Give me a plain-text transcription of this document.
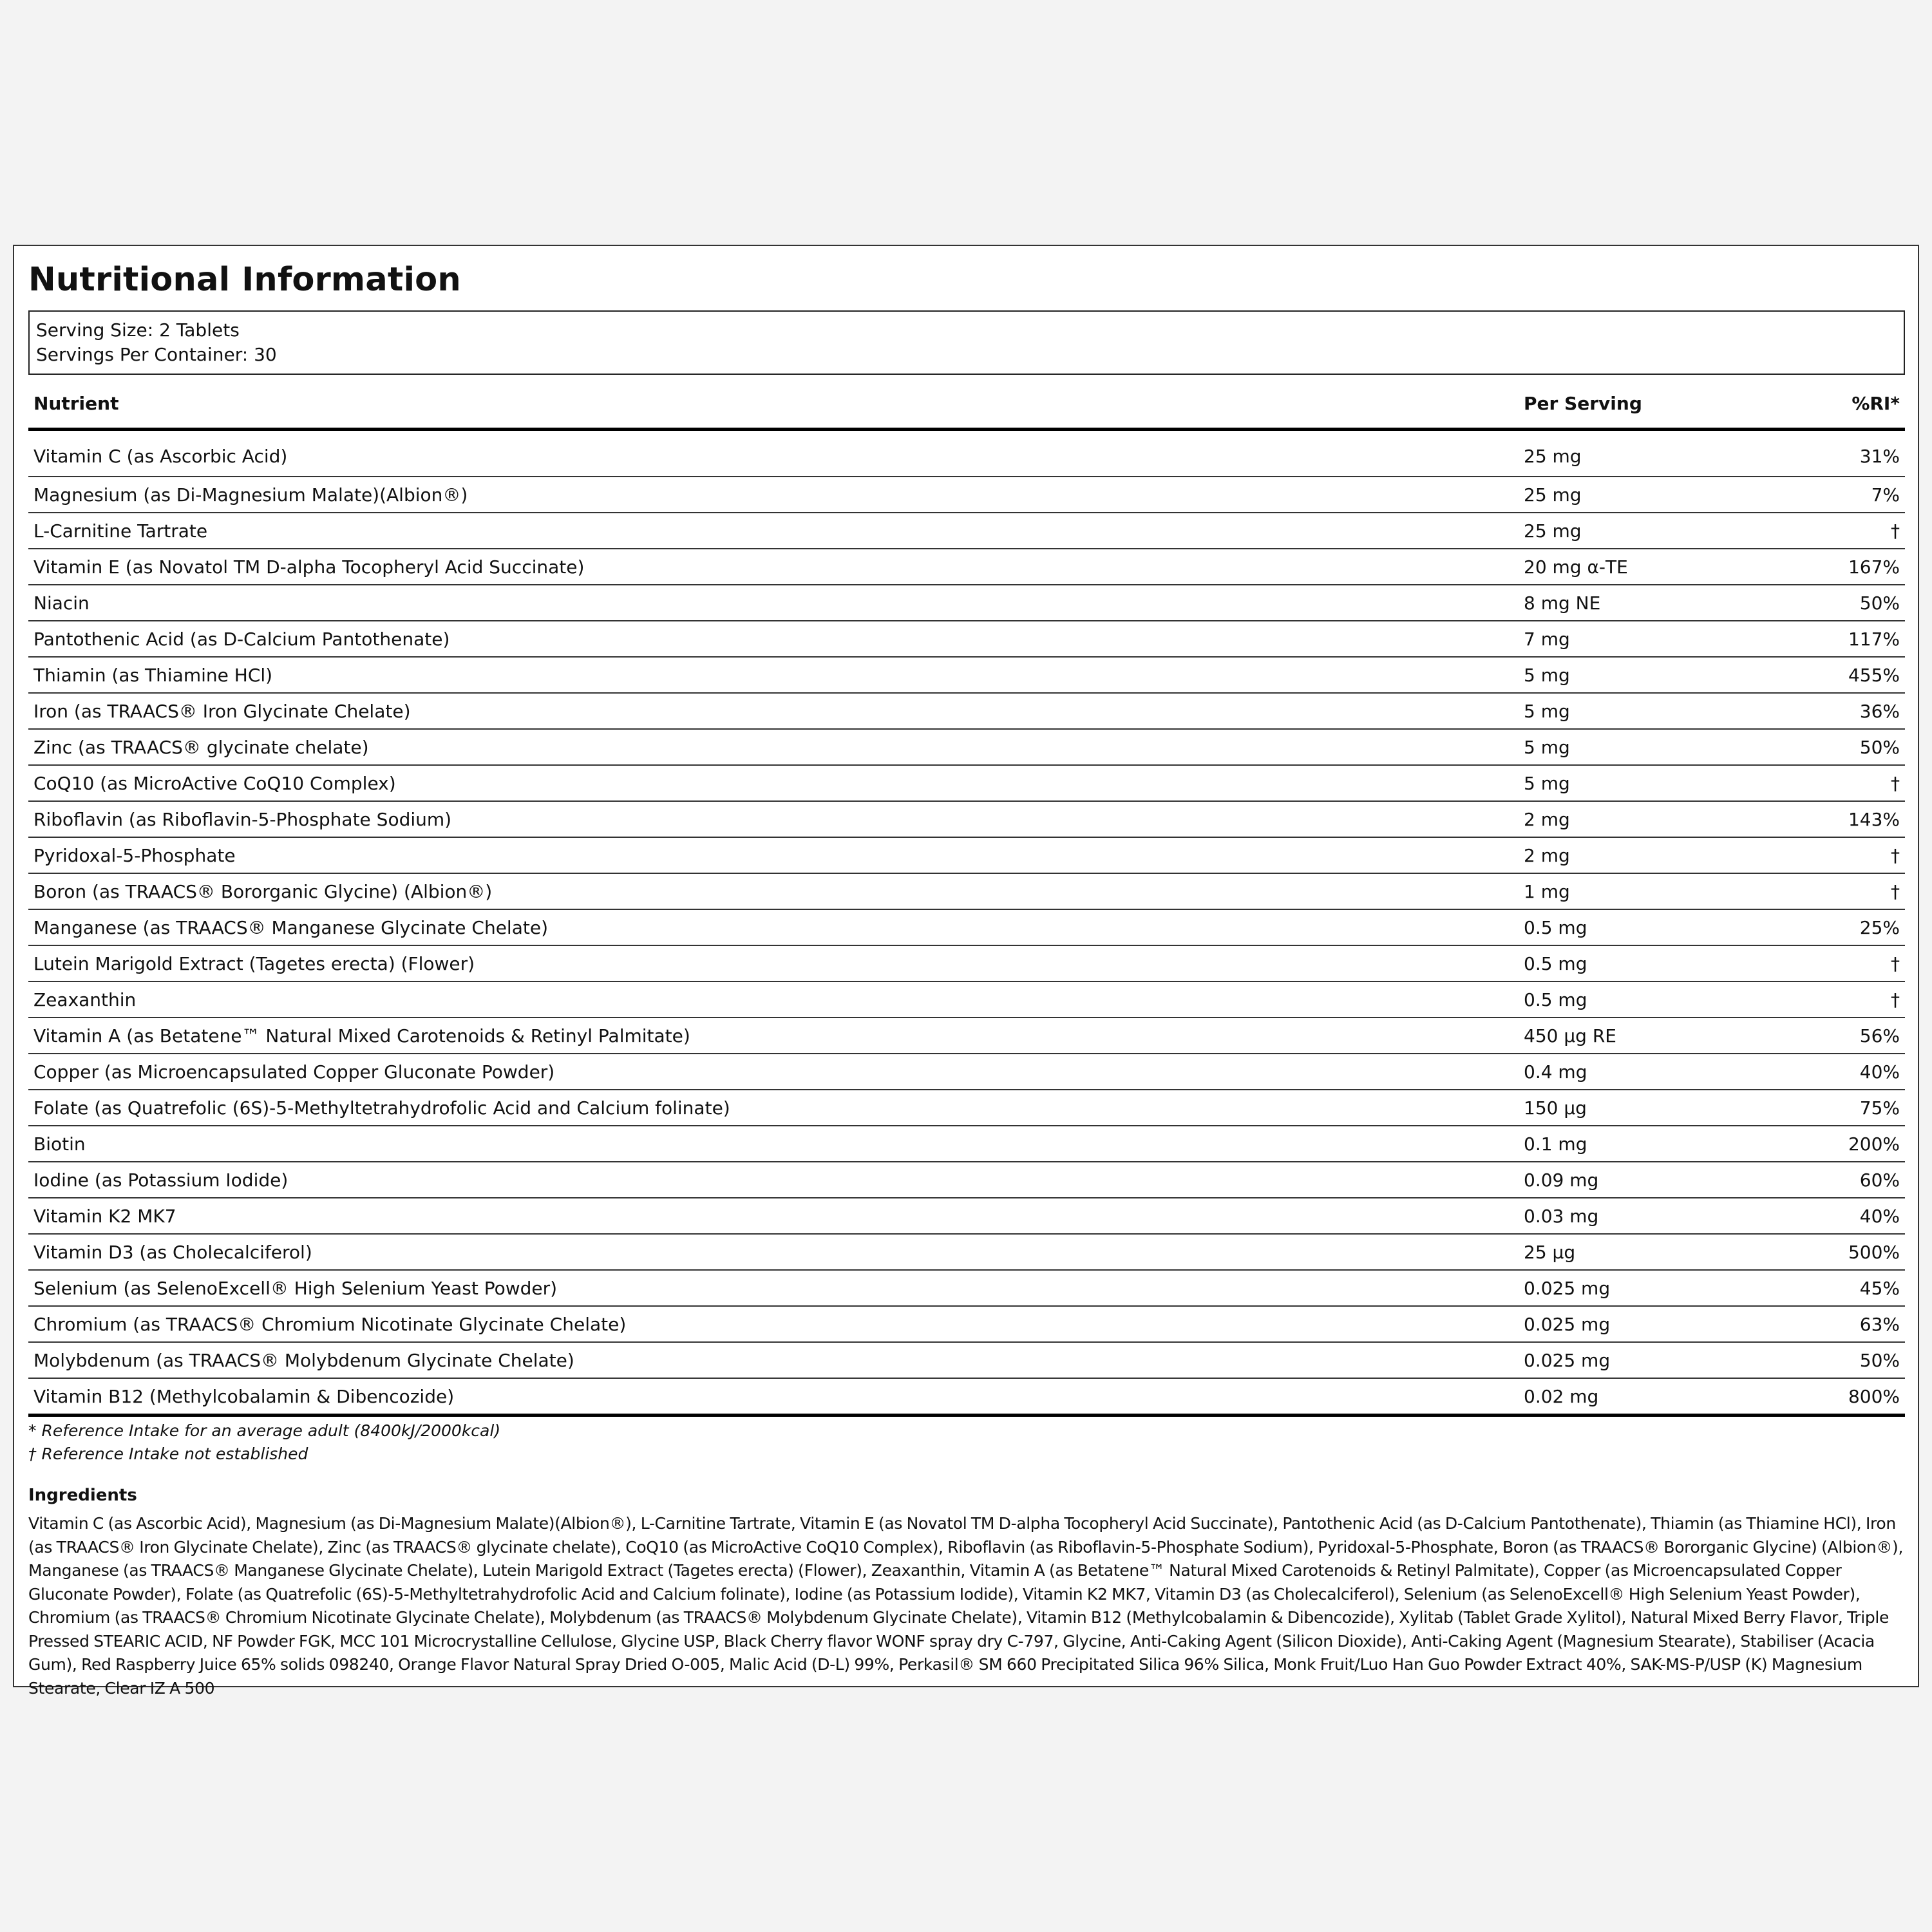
Nutritional Information
Serving Size: 2 Tablets
Servings Per Container: 30
Nutrient	Per Serving	%RI*
Vitamin C (as Ascorbic Acid)	25 mg	31%
Magnesium (as Di-Magnesium Malate)(Albion®)	25 mg	7%
L-Carnitine Tartrate	25 mg	†
Vitamin E (as Novatol TM D-alpha Tocopheryl Acid Succinate)	20 mg α-TE	167%
Niacin	8 mg NE	50%
Pantothenic Acid (as D-Calcium Pantothenate)	7 mg	117%
Thiamin (as Thiamine HCl)	5 mg	455%
Iron (as TRAACS® Iron Glycinate Chelate)	5 mg	36%
Zinc (as TRAACS® glycinate chelate)	5 mg	50%
CoQ10 (as MicroActive CoQ10 Complex)	5 mg	†
Riboflavin (as Riboflavin-5-Phosphate Sodium)	2 mg	143%
Pyridoxal-5-Phosphate	2 mg	†
Boron (as TRAACS® Bororganic Glycine) (Albion®)	1 mg	†
Manganese (as TRAACS® Manganese Glycinate Chelate)	0.5 mg	25%
Lutein Marigold Extract (Tagetes erecta) (Flower)	0.5 mg	†
Zeaxanthin	0.5 mg	†
Vitamin A (as Betatene™ Natural Mixed Carotenoids & Retinyl Palmitate)	450 μg RE	56%
Copper (as Microencapsulated Copper Gluconate Powder)	0.4 mg	40%
Folate (as Quatrefolic (6S)-5-Methyltetrahydrofolic Acid and Calcium folinate)	150 μg	75%
Biotin	0.1 mg	200%
Iodine (as Potassium Iodide)	0.09 mg	60%
Vitamin K2 MK7	0.03 mg	40%
Vitamin D3 (as Cholecalciferol)	25 μg	500%
Selenium (as SelenoExcell® High Selenium Yeast Powder)	0.025 mg	45%
Chromium (as TRAACS® Chromium Nicotinate Glycinate Chelate)	0.025 mg	63%
Molybdenum (as TRAACS® Molybdenum Glycinate Chelate)	0.025 mg	50%
Vitamin B12 (Methylcobalamin & Dibencozide)	0.02 mg	800%
* Reference Intake for an average adult (8400kJ/2000kcal)
† Reference Intake not established
Ingredients
Vitamin C (as Ascorbic Acid), Magnesium (as Di-Magnesium Malate)(Albion®), L-Carnitine Tartrate, Vitamin E (as Novatol TM D-alpha Tocopheryl Acid Succinate), Pantothenic Acid (as D-Calcium Pantothenate), Thiamin (as Thiamine HCl), Iron (as TRAACS® Iron Glycinate Chelate), Zinc (as TRAACS® glycinate chelate), CoQ10 (as MicroActive CoQ10 Complex), Riboflavin (as Riboflavin-5-Phosphate Sodium), Pyridoxal-5-Phosphate, Boron (as TRAACS® Bororganic Glycine) (Albion®), Manganese (as TRAACS® Manganese Glycinate Chelate), Lutein Marigold Extract (Tagetes erecta) (Flower), Zeaxanthin, Vitamin A (as Betatene™ Natural Mixed Carotenoids & Retinyl Palmitate), Copper (as Microencapsulated Copper Gluconate Powder), Folate (as Quatrefolic (6S)-5-Methyltetrahydrofolic Acid and Calcium folinate), Iodine (as Potassium Iodide), Vitamin K2 MK7, Vitamin D3 (as Cholecalciferol), Selenium (as SelenoExcell® High Selenium Yeast Powder), Chromium (as TRAACS® Chromium Nicotinate Glycinate Chelate), Molybdenum (as TRAACS® Molybdenum Glycinate Chelate), Vitamin B12 (Methylcobalamin & Dibencozide), Xylitab (Tablet Grade Xylitol), Natural Mixed Berry Flavor, Triple Pressed STEARIC ACID, NF Powder FGK, MCC 101 Microcrystalline Cellulose, Glycine USP, Black Cherry flavor WONF spray dry C-797, Glycine, Anti-Caking Agent (Silicon Dioxide), Anti-Caking Agent (Magnesium Stearate), Stabiliser (Acacia Gum), Red Raspberry Juice 65% solids 098240, Orange Flavor Natural Spray Dried O-005, Malic Acid (D-L) 99%, Perkasil® SM 660 Precipitated Silica 96% Silica, Monk Fruit/Luo Han Guo Powder Extract 40%, SAK-MS-P/USP (K) Magnesium Stearate, Clear IZ A 500
